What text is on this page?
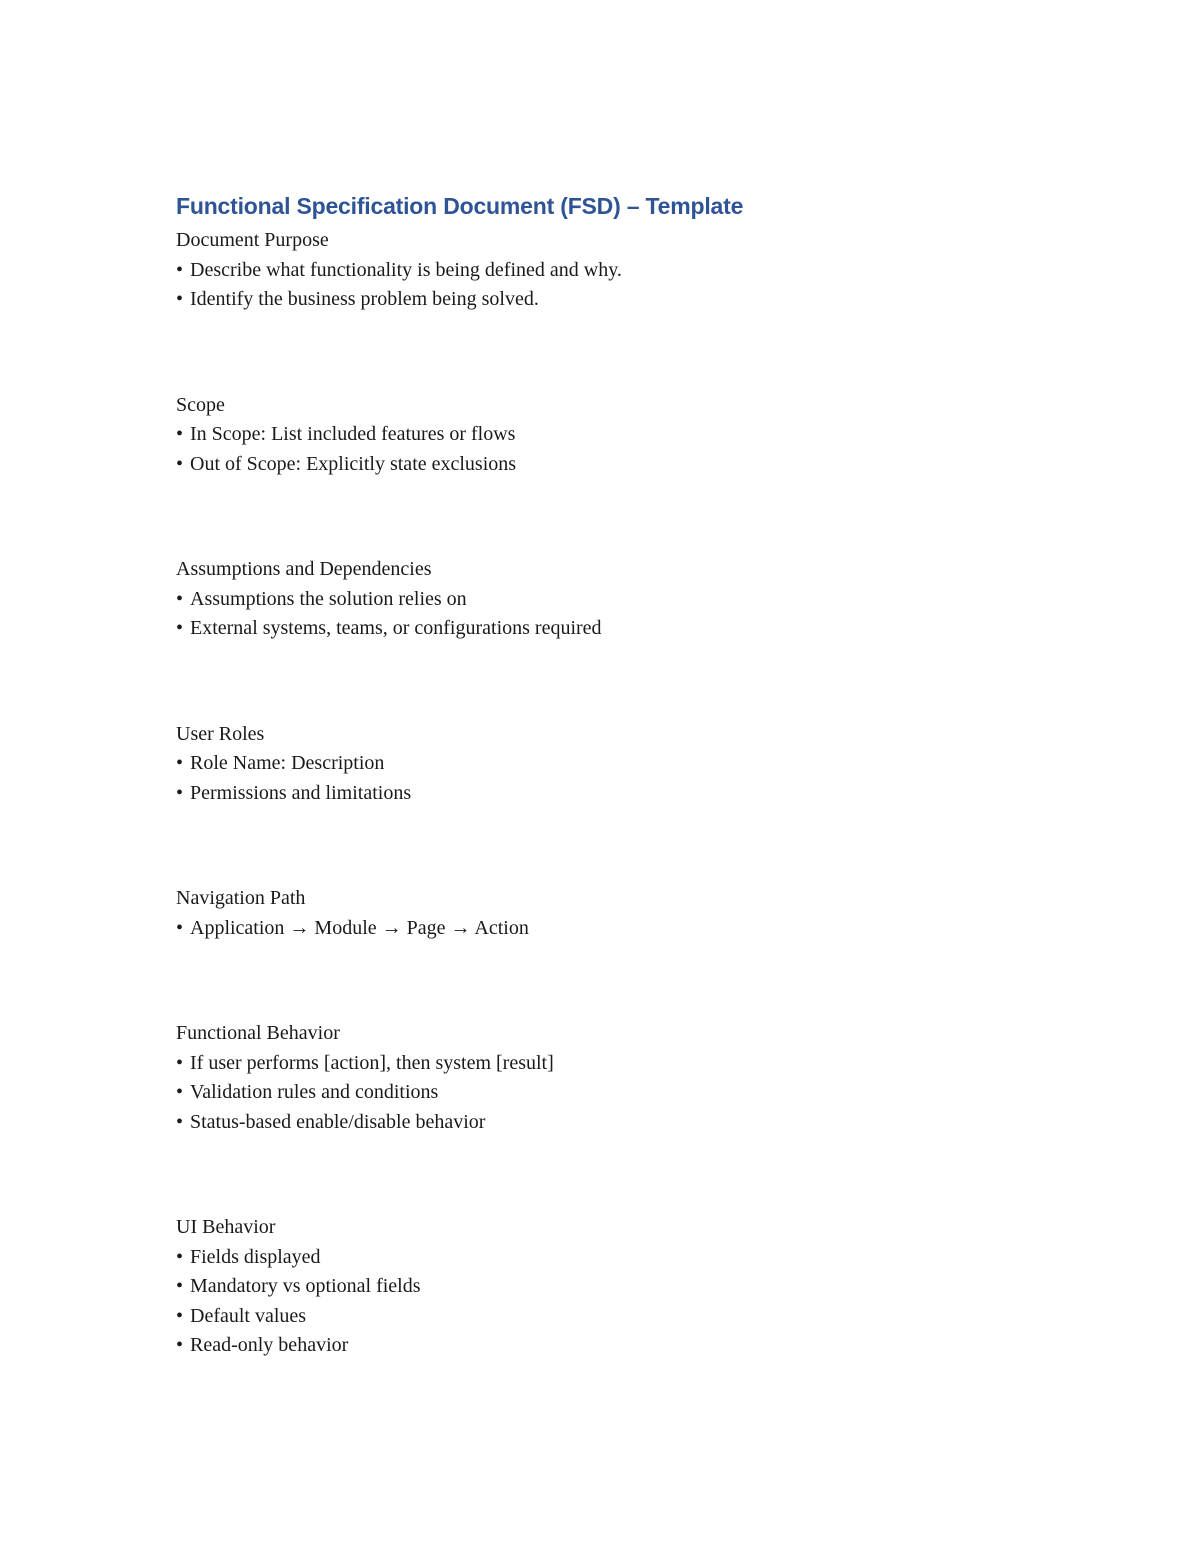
Functional Specification Document (FSD) – Template

Document Purpose

• Describe what functionality is being defined and why.
• Identify the business problem being solved.

Scope

• In Scope: List included features or flows
• Out of Scope: Explicitly state exclusions

Assumptions and Dependencies

• Assumptions the solution relies on
• External systems, teams, or configurations required

User Roles

• Role Name: Description
• Permissions and limitations

Navigation Path

• Application → Module → Page → Action

Functional Behavior

• If user performs [action], then system [result]
• Validation rules and conditions
• Status-based enable/disable behavior

UI Behavior

• Fields displayed
• Mandatory vs optional fields
• Default values
• Read-only behavior
